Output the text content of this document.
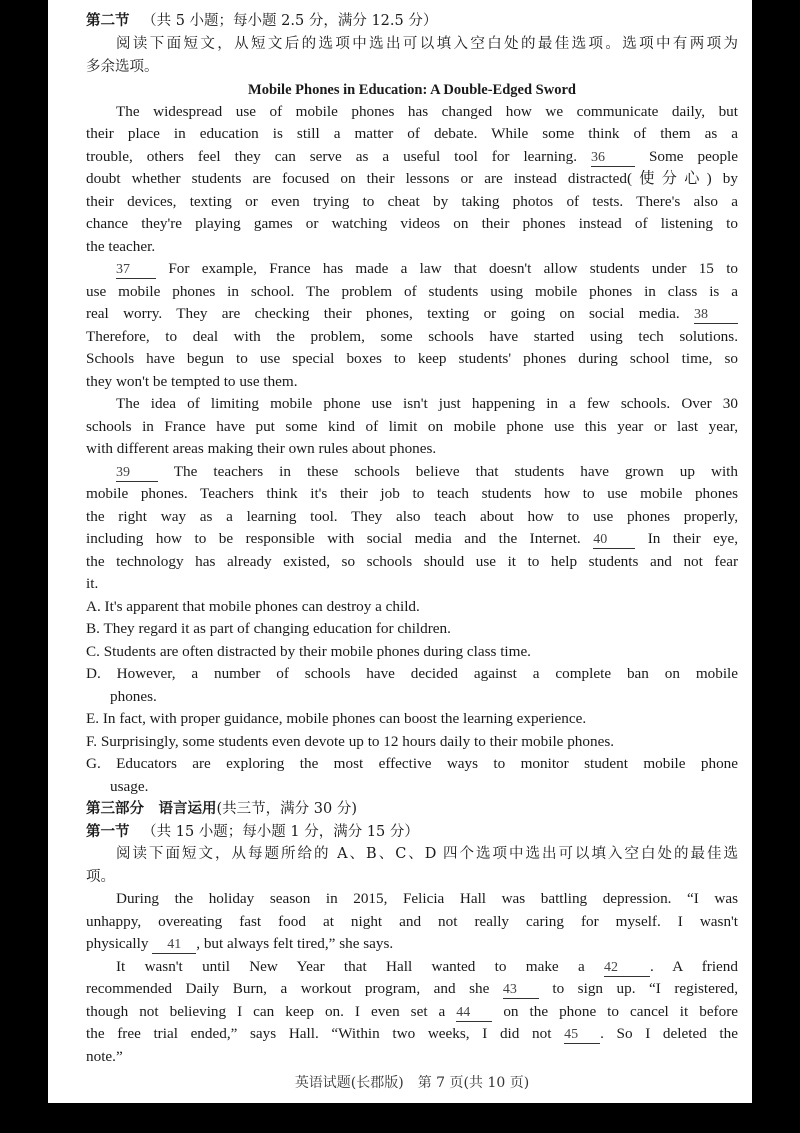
第二节 （共 5 小题；每小题 2.5 分，满分 12.5 分）
阅读下面短文，从短文后的选项中选出可以填入空白处的最佳选项。选项中有两项为
多余选项。
Mobile Phones in Education: A Double-Edged Sword
The widespread use of mobile phones has changed how we communicate daily, but
their place in education is still a matter of debate. While some think of them as a
trouble, others feel they can serve as a useful tool for learning. 36	Some people
doubt whether students are focused on their lessons or are instead distracted(使分心) by
their devices, texting or even trying to cheat by taking photos of tests. There's also a
chance they're playing games or watching videos on their phones instead of listening to
the teacher.
37	For example, France has made a law that doesn't allow students under 15 to
use mobile phones in school. The problem of students using mobile phones in class is a
real worry. They are checking their phones, texting or going on social media. 38
Therefore, to deal with the problem, some schools have started using tech solutions.
Schools have begun to use special boxes to keep students' phones during school time, so
they won't be tempted to use them.
The idea of limiting mobile phone use isn't just happening in a few schools. Over 30
schools in France have put some kind of limit on mobile phone use this year or last year,
with different areas making their own rules about phones.
39	The teachers in these schools believe that students have grown up with
mobile phones. Teachers think it's their job to teach students how to use mobile phones
the right way as a learning tool. They also teach about how to use phones properly,
including how to be responsible with social media and the Internet. 40	In their eye,
the technology has already existed, so schools should use it to help students and not fear
it.
A. It's apparent that mobile phones can destroy a child.
B. They regard it as part of changing education for children.
C. Students are often distracted by their mobile phones during class time.
D. However, a number of schools have decided against a complete ban on mobile
phones.
E. In fact, with proper guidance, mobile phones can boost the learning experience.
F. Surprisingly, some students even devote up to 12 hours daily to their mobile phones.
G. Educators are exploring the most effective ways to monitor student mobile phone
usage.
第三部分　语言运用(共三节，满分 30 分)
第一节 （共 15 小题；每小题 1 分，满分 15 分）
阅读下面短文，从每题所给的 A、B、C、D 四个选项中选出可以填入空白处的最佳选
项。
During the holiday season in 2015, Felicia Hall was battling depression. “I was
unhappy, overeating fast food at night and not really caring for myself. I wasn't
physically 41 , but always felt tired,” she says.
It wasn't until New Year that Hall wanted to make a 42 . A friend
recommended Daily Burn, a workout program, and she 43 to sign up. “I registered,
though not believing I can keep on. I even set a 44 on the phone to cancel it before
the free trial ended,” says Hall. “Within two weeks, I did not 45 . So I deleted the
note.”
英语试题(长郡版)　第 7 页(共 10 页)
